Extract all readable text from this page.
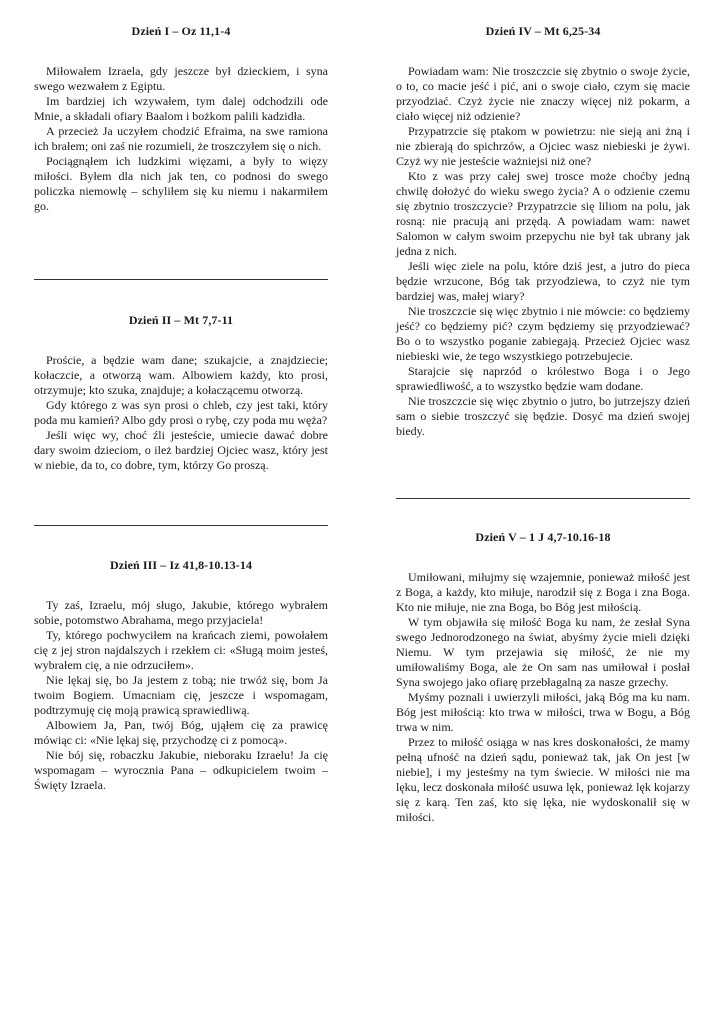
Dzień I – Oz 11,1-4

Miłowałem Izraela, gdy jeszcze był dzieckiem, i syna swego wezwałem z Egiptu.

Im bardziej ich wzywałem, tym dalej odchodzili ode Mnie, a składali ofiary Baalom i bożkom palili kadzidła.

A przecież Ja uczyłem chodzić Efraima, na swe ramiona ich brałem; oni zaś nie rozumieli, że troszczyłem się o nich.

Pociągnąłem ich ludzkimi więzami, a były to więzy miłości. Byłem dla nich jak ten, co podnosi do swego policzka niemowlę – schyliłem się ku niemu i nakarmiłem go.

Dzień II – Mt 7,7-11

Proście, a będzie wam dane; szukajcie, a znajdziecie; kołaczcie, a otworzą wam. Albowiem każdy, kto prosi, otrzymuje; kto szuka, znajduje; a kołaczącemu otworzą.

Gdy którego z was syn prosi o chleb, czy jest taki, który poda mu kamień? Albo gdy prosi o rybę, czy poda mu węża?

Jeśli więc wy, choć źli jesteście, umiecie dawać dobre dary swoim dzieciom, o ileż bardziej Ojciec wasz, który jest w niebie, da to, co dobre, tym, którzy Go proszą.

Dzień III – Iz 41,8-10.13-14

Ty zaś, Izraelu, mój sługo, Jakubie, którego wybrałem sobie, potomstwo Abrahama, mego przyjaciela!

Ty, którego pochwyciłem na krańcach ziemi, powołałem cię z jej stron najdalszych i rzekłem ci: «Sługą moim jesteś, wybrałem cię, a nie odrzuciłem».

Nie lękaj się, bo Ja jestem z tobą; nie trwóż się, bom Ja twoim Bogiem. Umacniam cię, jeszcze i wspomagam, podtrzymuję cię moją prawicą sprawiedliwą.

Albowiem Ja, Pan, twój Bóg, ująłem cię za prawicę mówiąc ci: «Nie lękaj się, przychodzę ci z pomocą».

Nie bój się, robaczku Jakubie, nieboraku Izraelu! Ja cię wspomagam – wyrocznia Pana – odkupicielem twoim – Święty Izraela.

Dzień IV – Mt 6,25-34

Powiadam wam: Nie troszczcie się zbytnio o swoje życie, o to, co macie jeść i pić, ani o swoje ciało, czym się macie przyodziać. Czyż życie nie znaczy więcej niż pokarm, a ciało więcej niż odzienie?

Przypatrzcie się ptakom w powietrzu: nie sieją ani żną i nie zbierają do spichrzów, a Ojciec wasz niebieski je żywi. Czyż wy nie jesteście ważniejsi niż one?

Kto z was przy całej swej trosce może choćby jedną chwilę dołożyć do wieku swego życia? A o odzienie czemu się zbytnio troszczycie? Przypatrzcie się liliom na polu, jak rosną: nie pracują ani przędą. A powiadam wam: nawet Salomon w całym swoim przepychu nie był tak ubrany jak jedna z nich.

Jeśli więc ziele na polu, które dziś jest, a jutro do pieca będzie wrzucone, Bóg tak przyodziewa, to czyż nie tym bardziej was, małej wiary?

Nie troszczcie się więc zbytnio i nie mówcie: co będziemy jeść? co będziemy pić? czym będziemy się przyodziewać? Bo o to wszystko poganie zabiegają. Przecież Ojciec wasz niebieski wie, że tego wszystkiego potrzebujecie.

Starajcie się naprzód o królestwo Boga i o Jego sprawiedliwość, a to wszystko będzie wam dodane.

Nie troszczcie się więc zbytnio o jutro, bo jutrzejszy dzień sam o siebie troszczyć się będzie. Dosyć ma dzień swojej biedy.

Dzień V – 1 J 4,7-10.16-18

Umiłowani, miłujmy się wzajemnie, ponieważ miłość jest z Boga, a każdy, kto miłuje, narodził się z Boga i zna Boga. Kto nie miłuje, nie zna Boga, bo Bóg jest miłością.

W tym objawiła się miłość Boga ku nam, że zesłał Syna swego Jednorodzonego na świat, abyśmy życie mieli dzięki Niemu. W tym przejawia się miłość, że nie my umiłowaliśmy Boga, ale że On sam nas umiłował i posłał Syna swojego jako ofiarę przebłagalną za nasze grzechy.

Myśmy poznali i uwierzyli miłości, jaką Bóg ma ku nam. Bóg jest miłością: kto trwa w miłości, trwa w Bogu, a Bóg trwa w nim.

Przez to miłość osiąga w nas kres doskonałości, że mamy pełną ufność na dzień sądu, ponieważ tak, jak On jest [w niebie], i my jesteśmy na tym świecie. W miłości nie ma lęku, lecz doskonała miłość usuwa lęk, ponieważ lęk kojarzy się z karą. Ten zaś, kto się lęka, nie wydoskonalił się w miłości.
